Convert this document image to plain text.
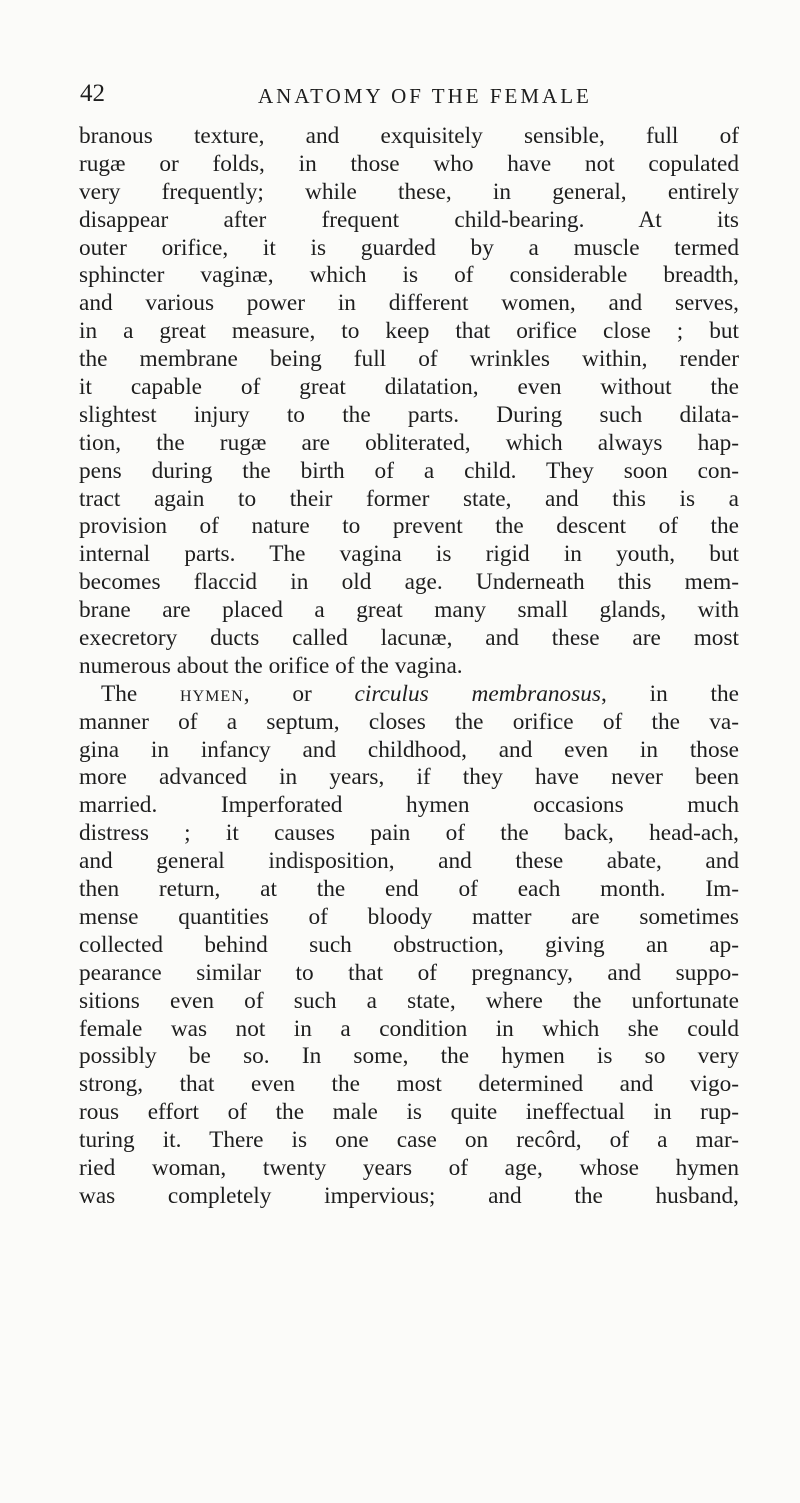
42	ANATOMY OF THE FEMALE
branous texture, and exquisitely sensible, full of
rugæ or folds, in those who have not copulated
very frequently; while these, in general, entirely
disappear after frequent child-bearing. At its
outer orifice, it is guarded by a muscle termed
sphincter vaginæ, which is of considerable breadth,
and various power in different women, and serves,
in a great measure, to keep that orifice close ; but
the membrane being full of wrinkles within, render
it capable of great dilatation, even without the
slightest injury to the parts. During such dilata-
tion, the rugæ are obliterated, which always hap-
pens during the birth of a child. They soon con-
tract again to their former state, and this is a
provision of nature to prevent the descent of the
internal parts. The vagina is rigid in youth, but
becomes flaccid in old age. Underneath this mem-
brane are placed a great many small glands, with
execretory ducts called lacunæ, and these are most
numerous about the orifice of the vagina.
The hymen, or circulus membranosus, in the
manner of a septum, closes the orifice of the va-
gina in infancy and childhood, and even in those
more advanced in years, if they have never been
married. Imperforated hymen occasions much
distress ; it causes pain of the back, head-ach,
and general indisposition, and these abate, and
then return, at the end of each month. Im-
mense quantities of bloody matter are sometimes
collected behind such obstruction, giving an ap-
pearance similar to that of pregnancy, and suppo-
sitions even of such a state, where the unfortunate
female was not in a condition in which she could
possibly be so. In some, the hymen is so very
strong, that even the most determined and vigo-
rous effort of the male is quite ineffectual in rup-
turing it. There is one case on recôrd, of a mar-
ried woman, twenty years of age, whose hymen
was completely impervious; and the husband,
